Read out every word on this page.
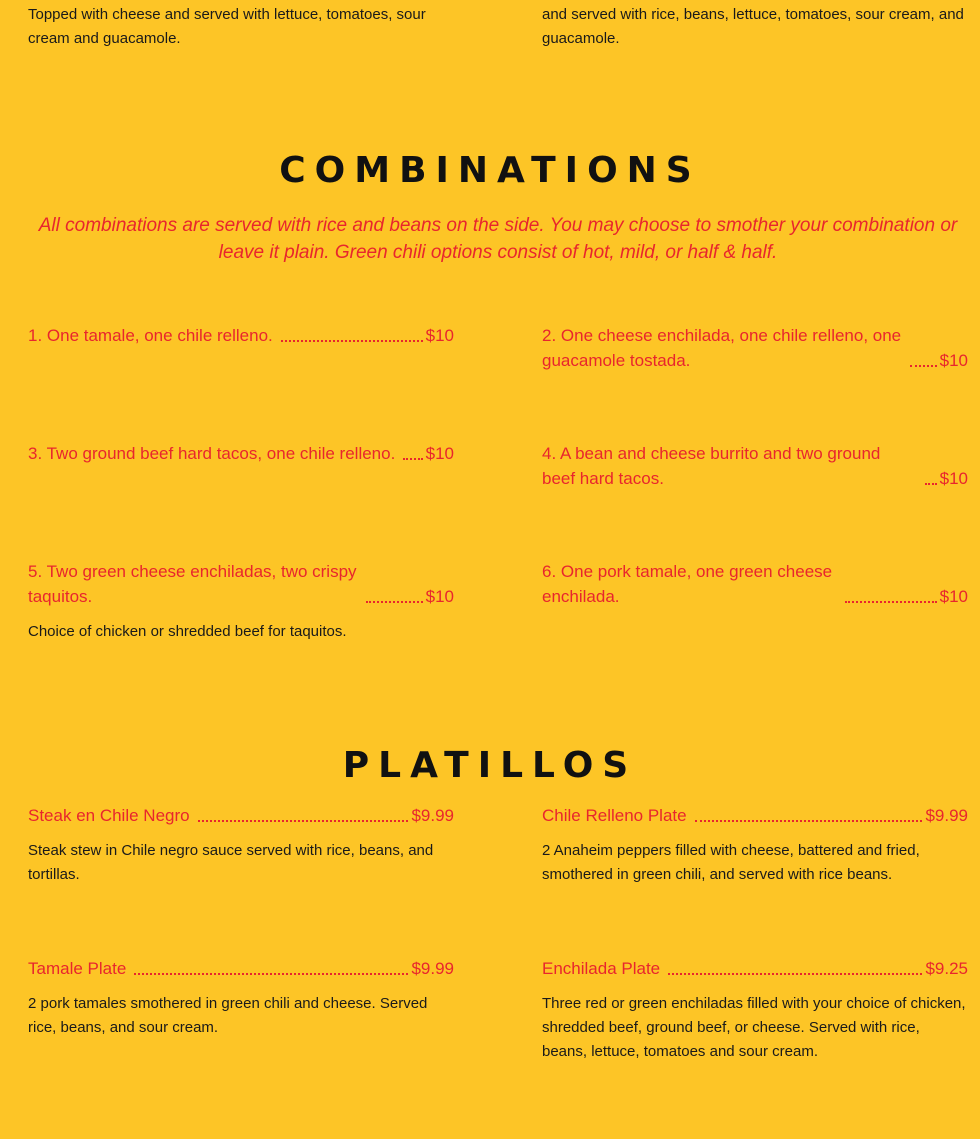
Topped with cheese and served with lettuce, tomatoes, sour cream and guacamole.

and served with rice, beans, lettuce, tomatoes, sour cream, and guacamole.

COMBINATIONS

All combinations are served with rice and beans on the side. You may choose to smother your combination or leave it plain. Green chili options consist of hot, mild, or half & half.

1. One tamale, one chile relleno.	$10	2. One cheese enchilada, one chile relleno, one guacamole tostada.	$10
3. Two ground beef hard tacos, one chile relleno. $10	4. A bean and cheese burrito and two ground beef hard tacos.	$10
5. Two green cheese enchiladas, two crispy taquitos.	$10

Choice of chicken or shredded beef for taquitos.

6. One pork tamale, one green cheese enchilada.	$10
PLATILLOS
Steak en Chile Negro	$9.99

Steak stew in Chile negro sauce served with rice, beans, and tortillas.

Chile Relleno Plate	$9.99

2 Anaheim peppers filled with cheese, battered and fried, smothered in green chili, and served with rice beans.

Tamale Plate	$9.99

2 pork tamales smothered in green chili and cheese. Served rice, beans, and sour cream.

Enchilada Plate	$9.25

Three red or green enchiladas filled with your choice of chicken, shredded beef, ground beef, or cheese. Served with rice, beans, lettuce, tomatoes and sour cream.
